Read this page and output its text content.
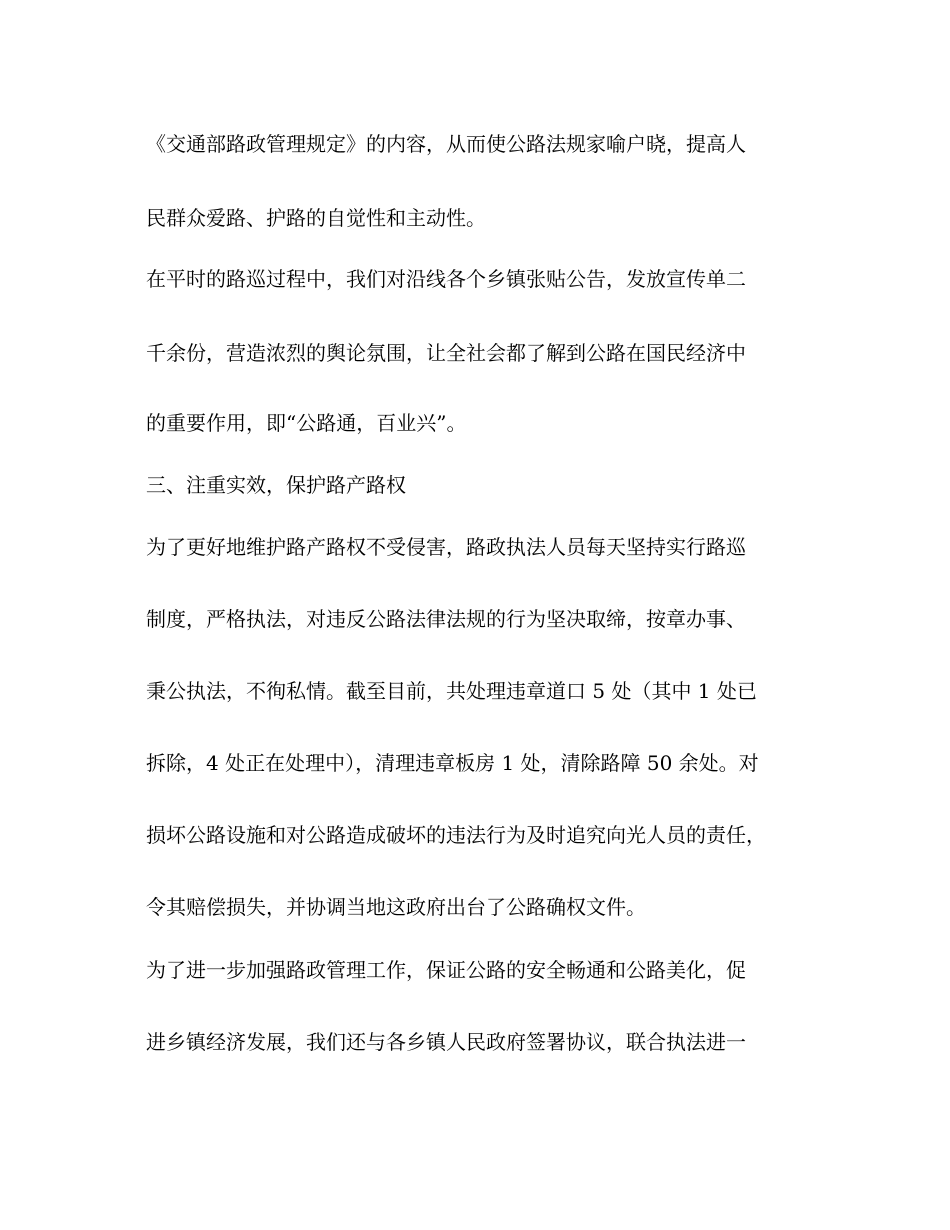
《交通部路政管理规定》的内容，从而使公路法规家喻户晓，提高人
民群众爱路、护路的自觉性和主动性。
在平时的路巡过程中，我们对沿线各个乡镇张贴公告，发放宣传单二
千余份，营造浓烈的舆论氛围，让全社会都了解到公路在国民经济中
的重要作用，即“公路通，百业兴”。
三、注重实效，保护路产路权
为了更好地维护路产路权不受侵害，路政执法人员每天坚持实行路巡
制度，严格执法，对违反公路法律法规的行为坚决取缔，按章办事、
秉公执法，不徇私情。截至目前，共处理违章道口 5 处（其中 1 处已
拆除，4 处正在处理中），清理违章板房 1 处，清除路障 50 余处。对
损坏公路设施和对公路造成破坏的违法行为及时追究向光人员的责任，
令其赔偿损失，并协调当地这政府出台了公路确权文件。
为了进一步加强路政管理工作，保证公路的安全畅通和公路美化，促
进乡镇经济发展，我们还与各乡镇人民政府签署协议，联合执法进一
